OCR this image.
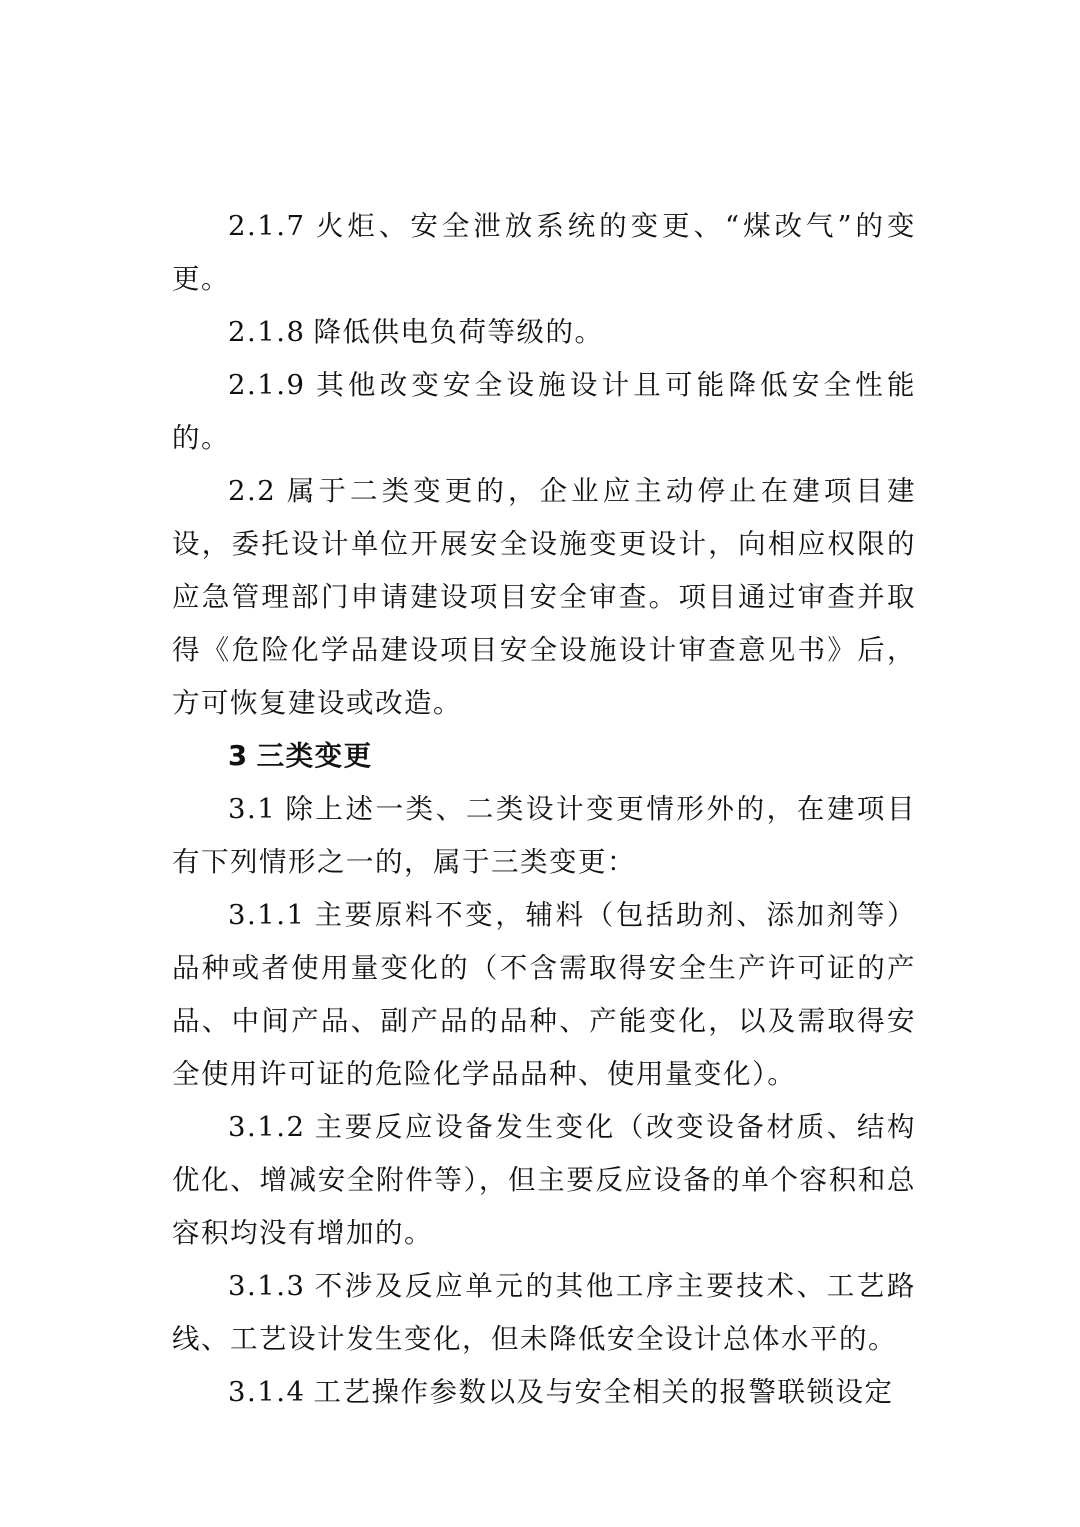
2.1.7 火炬、安全泄放系统的变更、“煤改气”的变更。

2.1.8 降低供电负荷等级的。

2.1.9 其他改变安全设施设计且可能降低安全性能的。

2.2 属于二类变更的，企业应主动停止在建项目建设，委托设计单位开展安全设施变更设计，向相应权限的应急管理部门申请建设项目安全审查。项目通过审查并取得《危险化学品建设项目安全设施设计审查意见书》后，方可恢复建设或改造。

3 三类变更

3.1 除上述一类、二类设计变更情形外的，在建项目有下列情形之一的，属于三类变更：

3.1.1 主要原料不变，辅料（包括助剂、添加剂等）品种或者使用量变化的（不含需取得安全生产许可证的产品、中间产品、副产品的品种、产能变化，以及需取得安全使用许可证的危险化学品品种、使用量变化）。

3.1.2 主要反应设备发生变化（改变设备材质、结构优化、增减安全附件等），但主要反应设备的单个容积和总容积均没有增加的。

3.1.3 不涉及反应单元的其他工序主要技术、工艺路线、工艺设计发生变化，但未降低安全设计总体水平的。

3.1.4 工艺操作参数以及与安全相关的报警联锁设定
